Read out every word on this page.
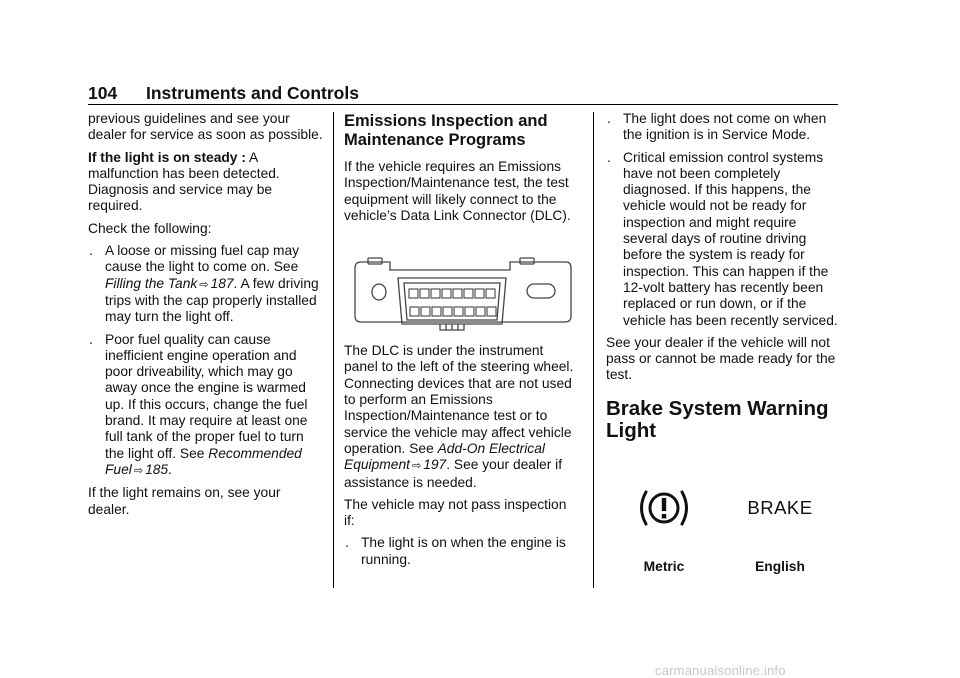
104 Instruments and Controls

previous guidelines and see your dealer for service as soon as possible.

If the light is on steady : A malfunction has been detected. Diagnosis and service may be required.

Check the following:

. A loose or missing fuel cap may cause the light to come on. See Filling the Tank ⇨ 187. A few driving trips with the cap properly installed may turn the light off.
. Poor fuel quality can cause inefficient engine operation and poor driveability, which may go away once the engine is warmed up. If this occurs, change the fuel brand. It may require at least one full tank of the proper fuel to turn the light off. See Recommended Fuel ⇨ 185.

If the light remains on, see your dealer.

Emissions Inspection and Maintenance Programs

If the vehicle requires an Emissions Inspection/Maintenance test, the test equipment will likely connect to the vehicle’s Data Link Connector (DLC).

The DLC is under the instrument panel to the left of the steering wheel. Connecting devices that are not used to perform an Emissions Inspection/Maintenance test or to service the vehicle may affect vehicle operation. See Add-On Electrical Equipment ⇨ 197. See your dealer if assistance is needed.

The vehicle may not pass inspection if:

. The light is on when the engine is running.
. The light does not come on when the ignition is in Service Mode.
. Critical emission control systems have not been completely diagnosed. If this happens, the vehicle would not be ready for inspection and might require several days of routine driving before the system is ready for inspection. This can happen if the 12-volt battery has recently been replaced or run down, or if the vehicle has been recently serviced.

See your dealer if the vehicle will not pass or cannot be made ready for the test.

Brake System Warning Light
BRAKE
Metric	English
carmanualsonline.info
